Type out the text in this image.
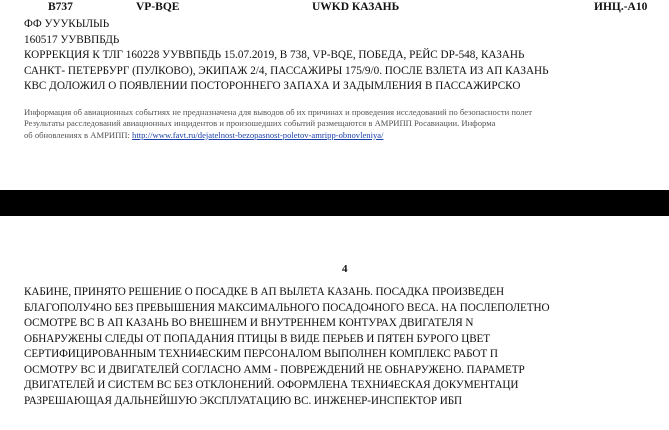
B737	VP-BQE	UWKD КАЗАНЬ	ИНЦ.-А10
ФФ УУУКЫЛЫЬ
160517 УУВВПБДЬ
КОРРЕКЦИЯ К ТЛГ 160228 УУВВПБДЬ 15.07.2019, В 738, VP-BQE, ПОБЕДА, РЕЙС DP-548, КАЗАНЬ
САНКТ- ПЕТЕРБУРГ (ПУЛКОВО), ЭКИПАЖ 2/4, ПАССАЖИРЫ 175/9/0. ПОСЛЕ ВЗЛЕТА ИЗ АП КАЗАНЬ
КВС ДОЛОЖИЛ О ПОЯВЛЕНИИ ПОСТОРОННЕГО ЗАПАХА И ЗАДЫМЛЕНИЯ В ПАССАЖИРСКО
Информация об авиационных событиях не предназначена для выводов об их причинах и проведения исследований по безопасности полет
Результаты расследований авиационных инцидентов и произошедших событий размещаются в АМРИПП Росавиации. Информа
об обновлениях в АМРИПП: http://www.favt.ru/dejatelnost-bezopasnost-poletov-amripp-obnovleniya/
4
КАБИНЕ, ПРИНЯТО РЕШЕНИЕ О ПОСАДКЕ В АП ВЫЛЕТА КАЗАНЬ. ПОСАДКА ПРОИЗВЕДЕН
БЛАГОПОЛУ4НО БЕЗ ПРЕВЫШЕНИЯ МАКСИМАЛЬНОГО ПОСАДО4НОГО ВЕСА. НА ПОСЛЕПОЛЕТНО
ОСМОТРЕ ВС В АП КАЗАНЬ ВО ВНЕШНЕМ И ВНУТРЕННЕМ КОНТУРАХ ДВИГАТЕЛЯ N
ОБНАРУЖЕНЫ СЛЕДЫ ОТ ПОПАДАНИЯ ПТИЦЫ В ВИДЕ ПЕРЬЕВ И ПЯТЕН БУРОГО ЦВЕТ
СЕРТИФИЦИРОВАННЫМ ТЕХНИ4ЕСКИМ ПЕРСОНАЛОМ ВЫПОЛНЕН КОМПЛЕКС РАБОТ П
ОСМОТРУ ВС И ДВИГАТЕЛЕЙ СОГЛАСНО АММ - ПОВРЕЖДЕНИЙ НЕ ОБНАРУЖЕНО. ПАРАМЕТР
ДВИГАТЕЛЕЙ И СИСТЕМ ВС БЕЗ ОТКЛОНЕНИЙ. ОФОРМЛЕНА ТЕХНИ4ЕСКАЯ ДОКУМЕНТАЦИ
РАЗРЕШАЮЩАЯ ДАЛЬНЕЙШУЮ ЭКСПЛУАТАЦИЮ ВС. ИНЖЕНЕР-ИНСПЕКТОР ИБП
